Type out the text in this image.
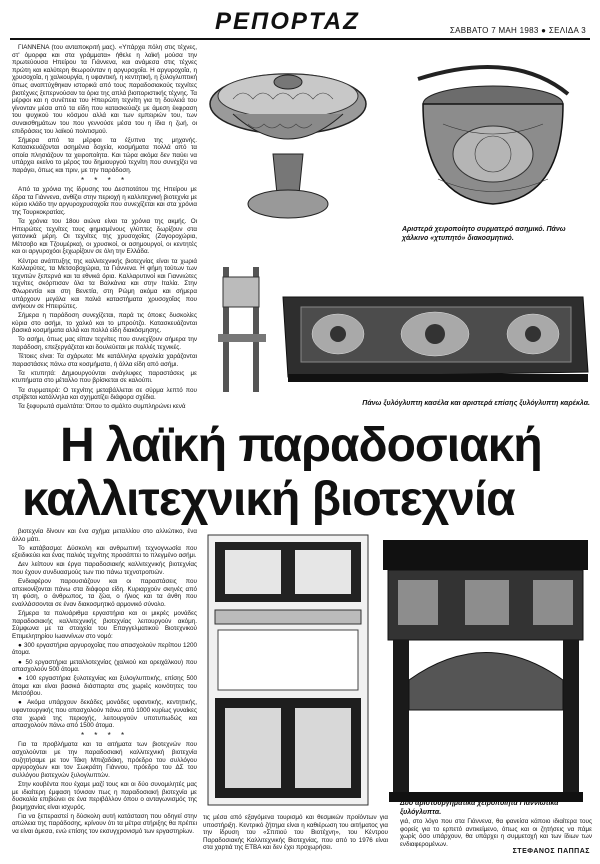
ΡΕΠΟΡΤΑΖ	ΣΑΒΒΑΤΟ 7 ΜΑΗ 1983 ● ΣΕΛΙΔΑ 3

ΓΙΑΝΝΕΝΑ (του ανταποκριτή μας). «Υπάρχει πόλη στις τέχνες, στ' όμορφα και στα γράμματα» ήθελε η λαϊκή μούσα την πρωτεύουσα Ηπείρου τα Γιάννενα, και ανάμεσα στις τέχνες πρώτη και καλύτερη θεωρούνταν η αργυροχοΐα. Η αργυροχοΐα, η χρυσοχοΐα, η χαλκουργία, η υφαντική, η κεντητική, η ξυλογλυπτική όπως αναπτύχθηκαν ιστορικά από τους παραδοσιακούς τεχνίτες βιοτέχνες ξεπερνούσαν τα όρια της απλά βιοποριστικής τέχνης. Τα μέρφοι και η συνέπεια του Ηπειρώτη τεχνίτη για τη δουλειά του γίνονταν μέσα από τα είδη που κατασκεύαζε με άμεση έκφραση του ψυχικού του κόσμου αλλά και των εμπειριών του, των συναισθημάτων του που γεννούσε μέσα του η ίδια η ζωή, οι επιδράσεις του λαϊκού πολιτισμού.

Σήμερα από τα μέρφοι τα έξυπνα της μηχανής. Κατασκευάζονται ασημένια δοχεία, κοσμήματα πολλά από τα οποία πλησιάζουν τα χειροποίητα. Και τώρα ακόμα δεν παύει να υπάρχει εκείνο το μέρος του δημιουργού τεχνίτη που συνεχίζει να παράγει, όπως και πριν, με την παράδοση.

* * * *

Από τα χρόνια της ίδρυσης του Δεσποτάτου της Ηπείρου με έδρα τα Γιάννενα, ανθίζει στην περιοχή η καλλιτεχνική βιοτεχνία με κύριο κλάδο την αργυροχρυσοχοΐα που συνεχίζεται και στα χρόνια της Τουρκοκρατίας.

Τα χρόνια του 18ου αιώνα είναι τα χρόνια της ακμής. Οι Ηπειρώτες τεχνίτες τους φημισμένους γλύπτες δωρίζουν στα γειτονικά μέρη. Οι τεχνίτες της χρυσοχοΐας (Ζαγοροχώρια, Μέτσοβο και Τζουμέρκα), οι χρυσικοί, οι ασημουργοί, οι κεντητές και οι αργυροχόοι ξεχωρίζουν σε όλη την Ελλάδα.

Κέντρα ανάπτυξης της καλλιτεχνικής βιοτεχνίας είναι τα χωριά Καλλαρύτες, τα Μετσοβοχώρια, τα Γιάννενα. Η φήμη τούτων των τεχνιτών ξεπερνά και τα εθνικά όρια. Καλλαρυτινοί και Γιαννιώτες τεχνίτες σκόρπισαν όλα τα Βαλκάνια και στην Ιταλία. Στην Φλωρεντία και στη Βενετία, στη Ρώμη ακόμα και σήμερα υπάρχουν μεγάλα και παλιά καταστήματα χρυσοχοΐας που ανήκουν σε Ηπειρώτες.

Σήμερα η παράδοση συνεχίζεται, παρά τις όποιες δυσκολίες κύρια στο ασήμι, το χαλκό και το μπρούτζο. Κατασκευάζονται βασικά κοσμήματα αλλά και πολλά είδη διακόσμησης.

Το ασήμι, όπως μας είπαν τεχνίτες που συνεχίζουν σήμερα την παράδοση, επεξεργάζεται και δουλεύεται με πολλές τεχνικές.

Τέτοιες είναι: Τα σχάρωτα: Με κατάλληλα εργαλεία χαράζονται παραστάσεις πάνω στα κοσμήματα, ή άλλα είδη από ασήμι.

Τα κτυπητά: Δημιουργούνται ανάγλυφες παραστάσεις με κτυπήματα στο μέταλλο που βρίσκεται σε καλούπι.

Τα συρματερά: Ο τεχνίτης μεταβάλλεται σε σύρμα λεπτό που στρίβεται κατάλληλα και σχηματίζει διάφορα σχέδια.

Τα ξεφυρωτά σμαλτάτα: Όπου το σμάλτο συμπληρώνει κενά

Αριστερά χειροποίητο συρματερό ασημικό. Πάνω χάλκινο «χτυπητό» διακοσμητικό.
Πάνω ξυλόγλυπτη κασέλα και αριστερά επίσης ξυλόγλυπτη καρέκλα.
Η λαϊκή παραδοσιακή
καλλιτεχνική βιοτεχνία

βιοτεχνία δίνουν και ένα σχήμα μεταλλίου στο αλλιώτικο, ένα άλλο μάτι.

Το κατάβασμα: Δύσκολη και ανθρωπινή τεχνογνωσία που εξειδικεύει και ένας παλιός τεχνίτης προσάπτει το πλεγμένο ασήμι.

Δεν λείπουν και έργα παραδοσιακής καλλιτεχνικής βιοτεχνίας που έχουν συνδυασμούς των πιο πάνω τεχνοτροπιών.

Ενδιαφέρον παρουσιάζουν και οι παραστάσεις που απεικονίζονται πάνω στα διάφορα είδη. Κυριαρχούν σκηνές από τη φύση, ο άνθρωπος, τα ζώα, ο ήλιος και τα άνθη που εναλλάσσονται σε έναν διακοσμητικό αρμονικό σύνολο.

Σήμερα τα πολυάριθμα εργαστήρια και οι μικρές μονάδες παραδοσιακής καλλιτεχνικής βιοτεχνίας λειτουργούν ακόμη. Σύμφωνα με τα στοιχεία του Επαγγελματικού Βιοτεχνικού Επιμελητηρίου Ιωαννίνων στο νομό:

● 300 εργαστήρια αργυροχοΐας που απασχολούν περίπου 1200 άτομα.

● 50 εργαστήρια μεταλλοτεχνίας (χαλκού και ορειχάλκου) που απασχολούν 500 άτομα.

● 100 εργαστήρια ξυλοτεχνίας και ξυλογλυπτικής, επίσης 500 άτομα και είναι βασικά διάσπαρτα στις χωριές κοινότητες του Μετσόβου.

● Ακόμα υπάρχουν δεκάδες μονάδες υφαντικής, κεντητικής, υφαντουργικής που απασχολούν πάνω από 1000 κυρίως γυναίκες στα χωριά της περιοχής, λειτουργούν υποτυπωδώς και απασχολούν πάνω από 1500 άτομα.

* * * *

Για τα προβλήματα και τα αιτήματα των βιοτεχνών που ασχολούνται με την παραδοσιακή καλλιτεχνική βιοτεχνία συζητήσαμε με τον Τάκη Μπιζαδάκη, πρόεδρο του συλλόγου αργυροχόων και τον Σωκράτη Γιάννου, πρόεδρο του ΔΣ του συλλόγου βιοτεχνών ξυλογλυπτών.

Στην κουβέντα που έχαμε μαζί τους και οι δύο συνομιλητές μας με ιδιαίτερη έμφαση τόνισαν πως η παραδοσιακή βιοτεχνία με δυσκολία επιβιώνει σε ένα περιβάλλον όπου ο ανταγωνισμός της βιομηχανίας είναι ισχυρός.

Για να ξεπεραστεί η δύσκολη αυτή κατάσταση που οδηγεί στην απώλεια της παράδοσης, κρίνουν ότι τα μέτρα στήριξης θα πρέπει να είναι άμεσα, ενώ επίσης τον εκσυγχρονισμό των εργαστηρίων.

τις μέσα από εξαγόμενα τουρισμό και θεσμικών προϊόντων για υποστήριξη. Κεντρικό ζήτημα είναι η καθιέρωση του αιτήματος για την ίδρυση του «Σπιτιού του Βιοτέχνη», του Κέντρου Παραδοσιακής Καλλιτεχνικής Βιοτεχνίας, που από το 1976 είναι στα χαρτιά της ΕΤΒΑ και δεν έχει προχωρήσει.
Δύο αριστουργηματικά χειροποίητα Γιαννιώτικα ξυλόγλυπτα.
γιά, στο λόγο που στα Γιάννενα, θα φανείσα κάποιο ιδιαίτερα τους φορείς για το ερπετό αντικείμενο, όπως και οι ζητήσεις να πάμε χωρίς όσο υπάρχουν, θα υπάρχει η συμμετοχή και των ίδιων των ενδιαφερομένων.
ΣΤΕΦΑΝΟΣ ΠΑΠΠΑΣ
